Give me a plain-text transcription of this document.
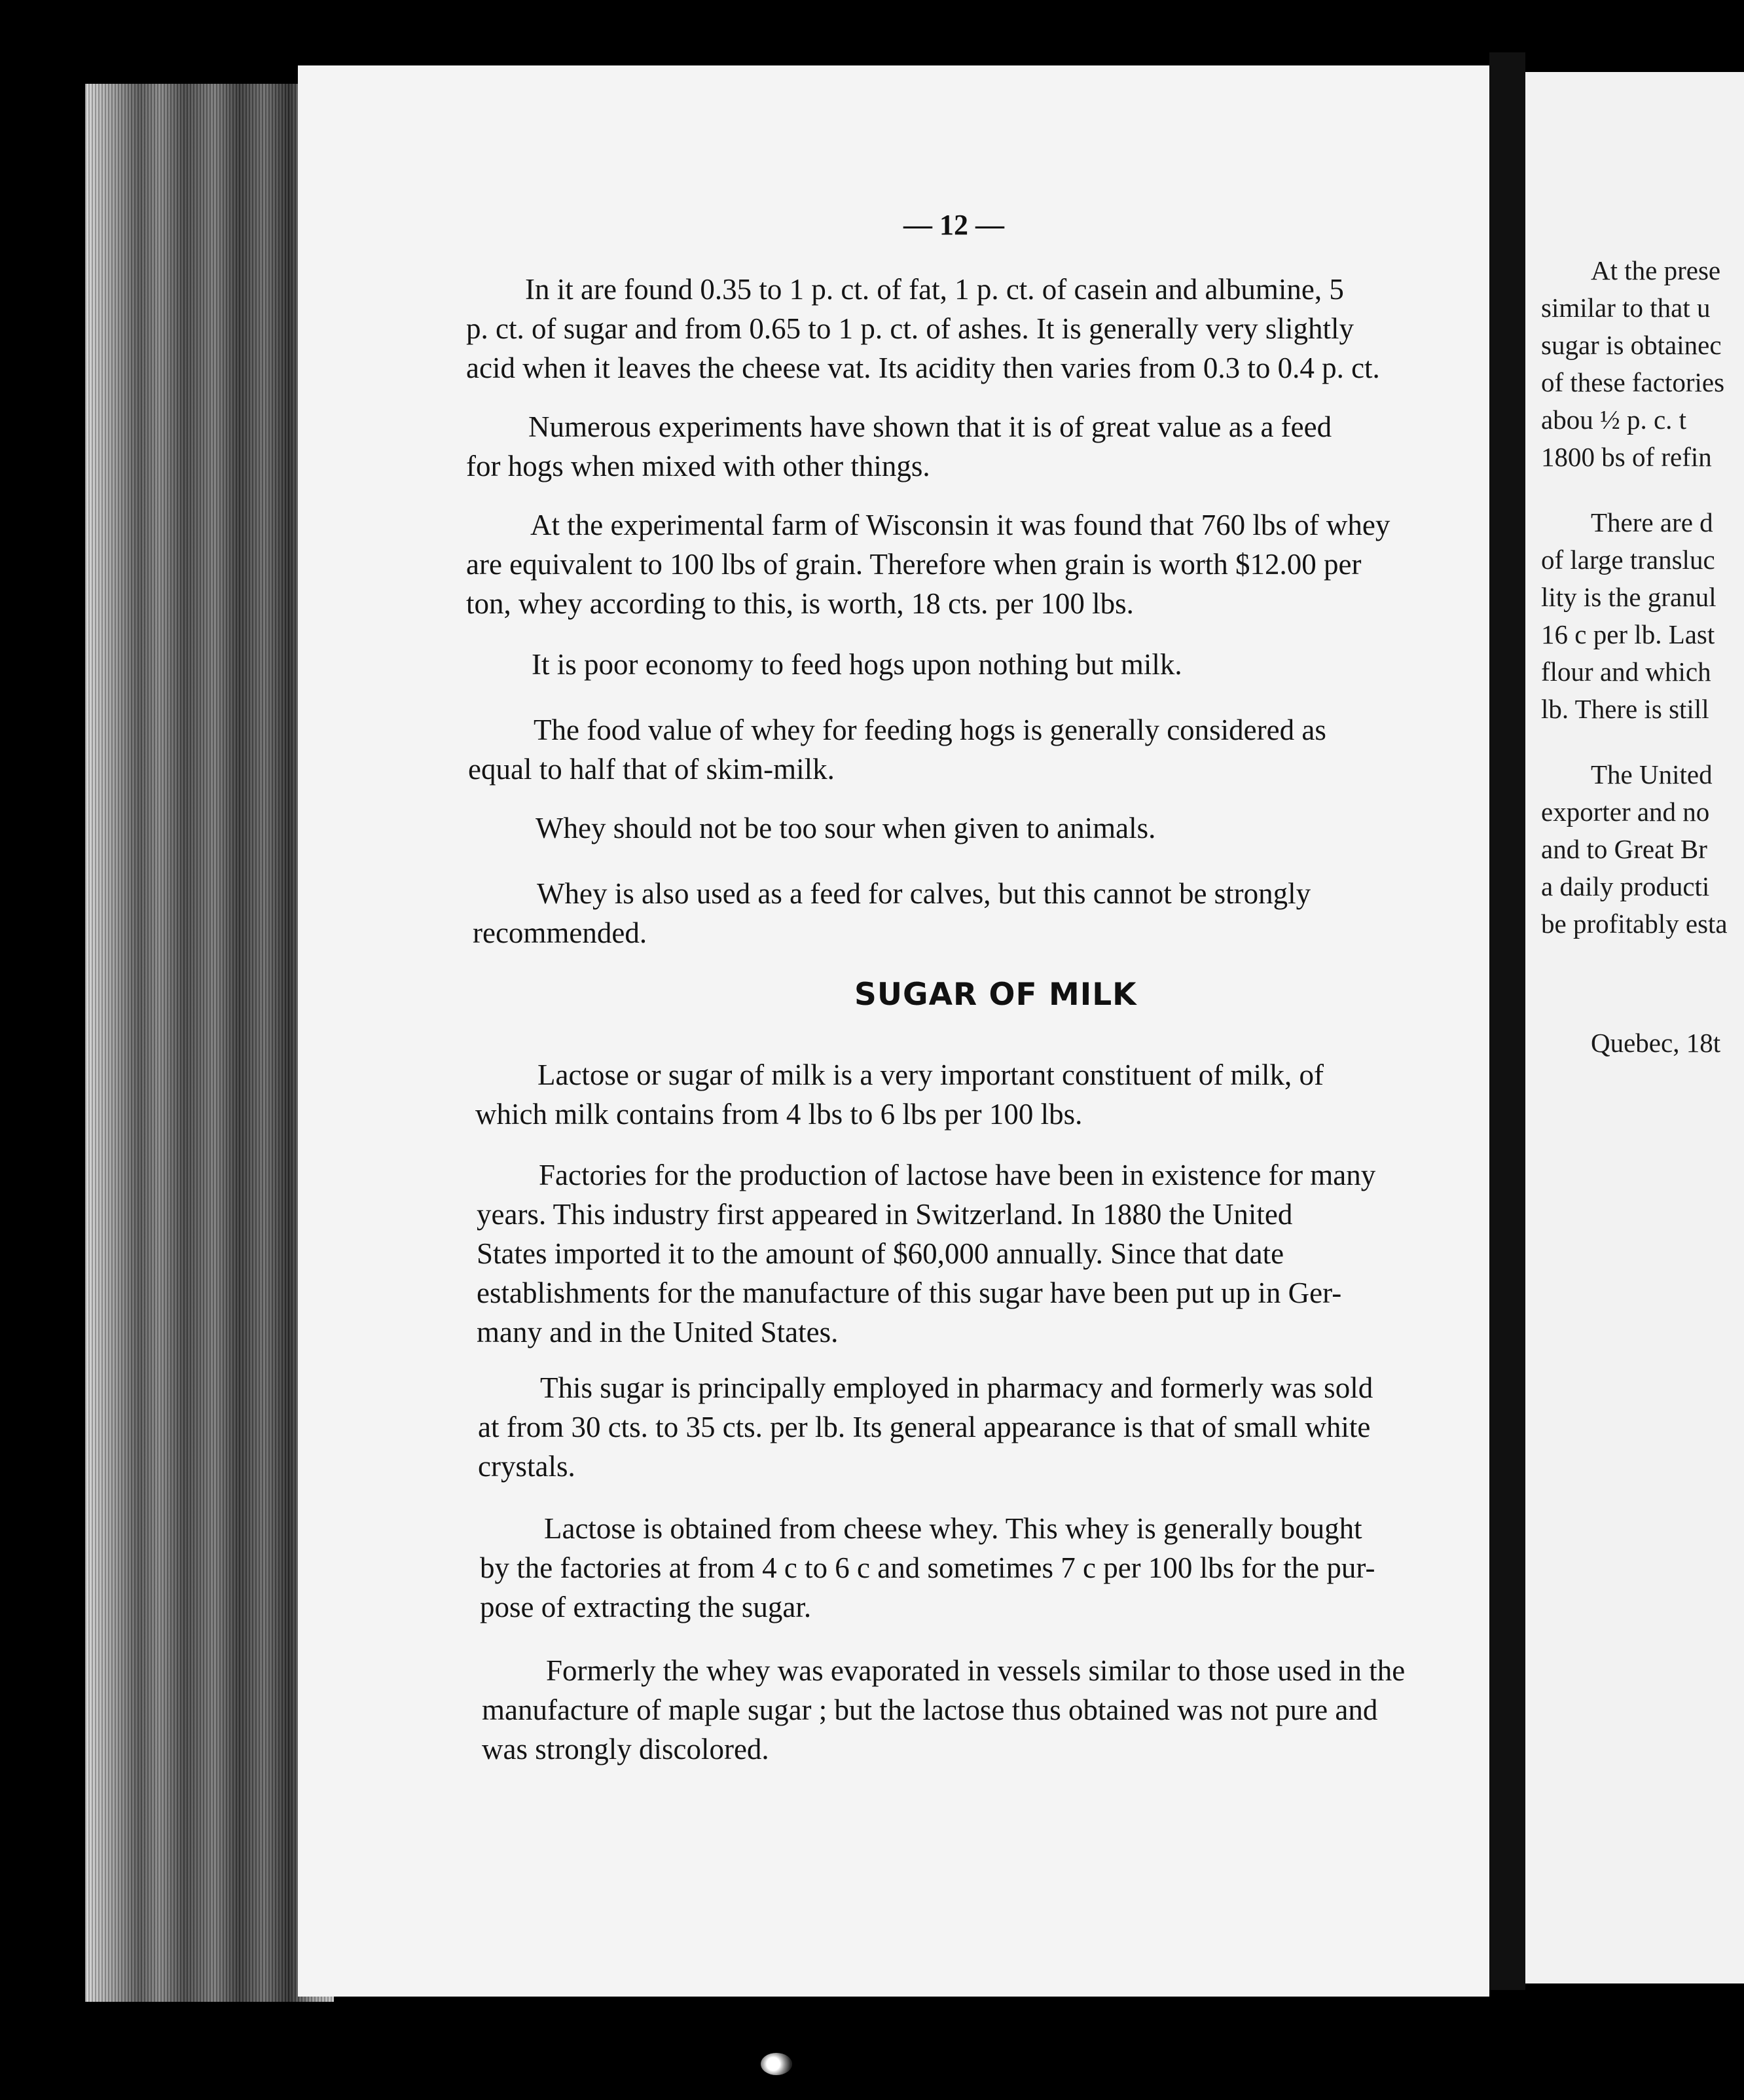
— 12 —
In it are found 0.35 to 1 p. ct. of fat, 1 p. ct. of casein and albumine, 5
p. ct. of sugar and from 0.65 to 1 p. ct. of ashes. It is generally very slightly
acid when it leaves the cheese vat. Its acidity then varies from 0.3 to 0.4 p. ct.
Numerous experiments have shown that it is of great value as a feed
for hogs when mixed with other things.
At the experimental farm of Wisconsin it was found that 760 lbs of whey
are equivalent to 100 lbs of grain. Therefore when grain is worth $12.00 per
ton, whey according to this, is worth, 18 cts. per 100 lbs.
It is poor economy to feed hogs upon nothing but milk.
The food value of whey for feeding hogs is generally considered as
equal to half that of skim-milk.
Whey should not be too sour when given to animals.
Whey is also used as a feed for calves, but this cannot be strongly
recommended.
SUGAR OF MILK
Lactose or sugar of milk is a very important constituent of milk, of
which milk contains from 4 lbs to 6 lbs per 100 lbs.
Factories for the production of lactose have been in existence for many
years. This industry first appeared in Switzerland. In 1880 the United
States imported it to the amount of $60,000 annually. Since that date
establishments for the manufacture of this sugar have been put up in Ger-
many and in the United States.
This sugar is principally employed in pharmacy and formerly was sold
at from 30 cts. to 35 cts. per lb. Its general appearance is that of small white
crystals.
Lactose is obtained from cheese whey. This whey is generally bought
by the factories at from 4 c to 6 c and sometimes 7 c per 100 lbs for the pur-
pose of extracting the sugar.
Formerly the whey was evaporated in vessels similar to those used in the
manufacture of maple sugar ; but the lactose thus obtained was not pure and
was strongly discolored.
At the prese
similar to that u
sugar is obtainec
of these factories
abou ½ p. c. t
1800 bs of refin
There are d
of large transluc
lity is the granul
16 c per lb. Last
flour and which
lb. There is still
The United
exporter and no
and to Great Br
a daily producti
be profitably esta
Quebec, 18t
